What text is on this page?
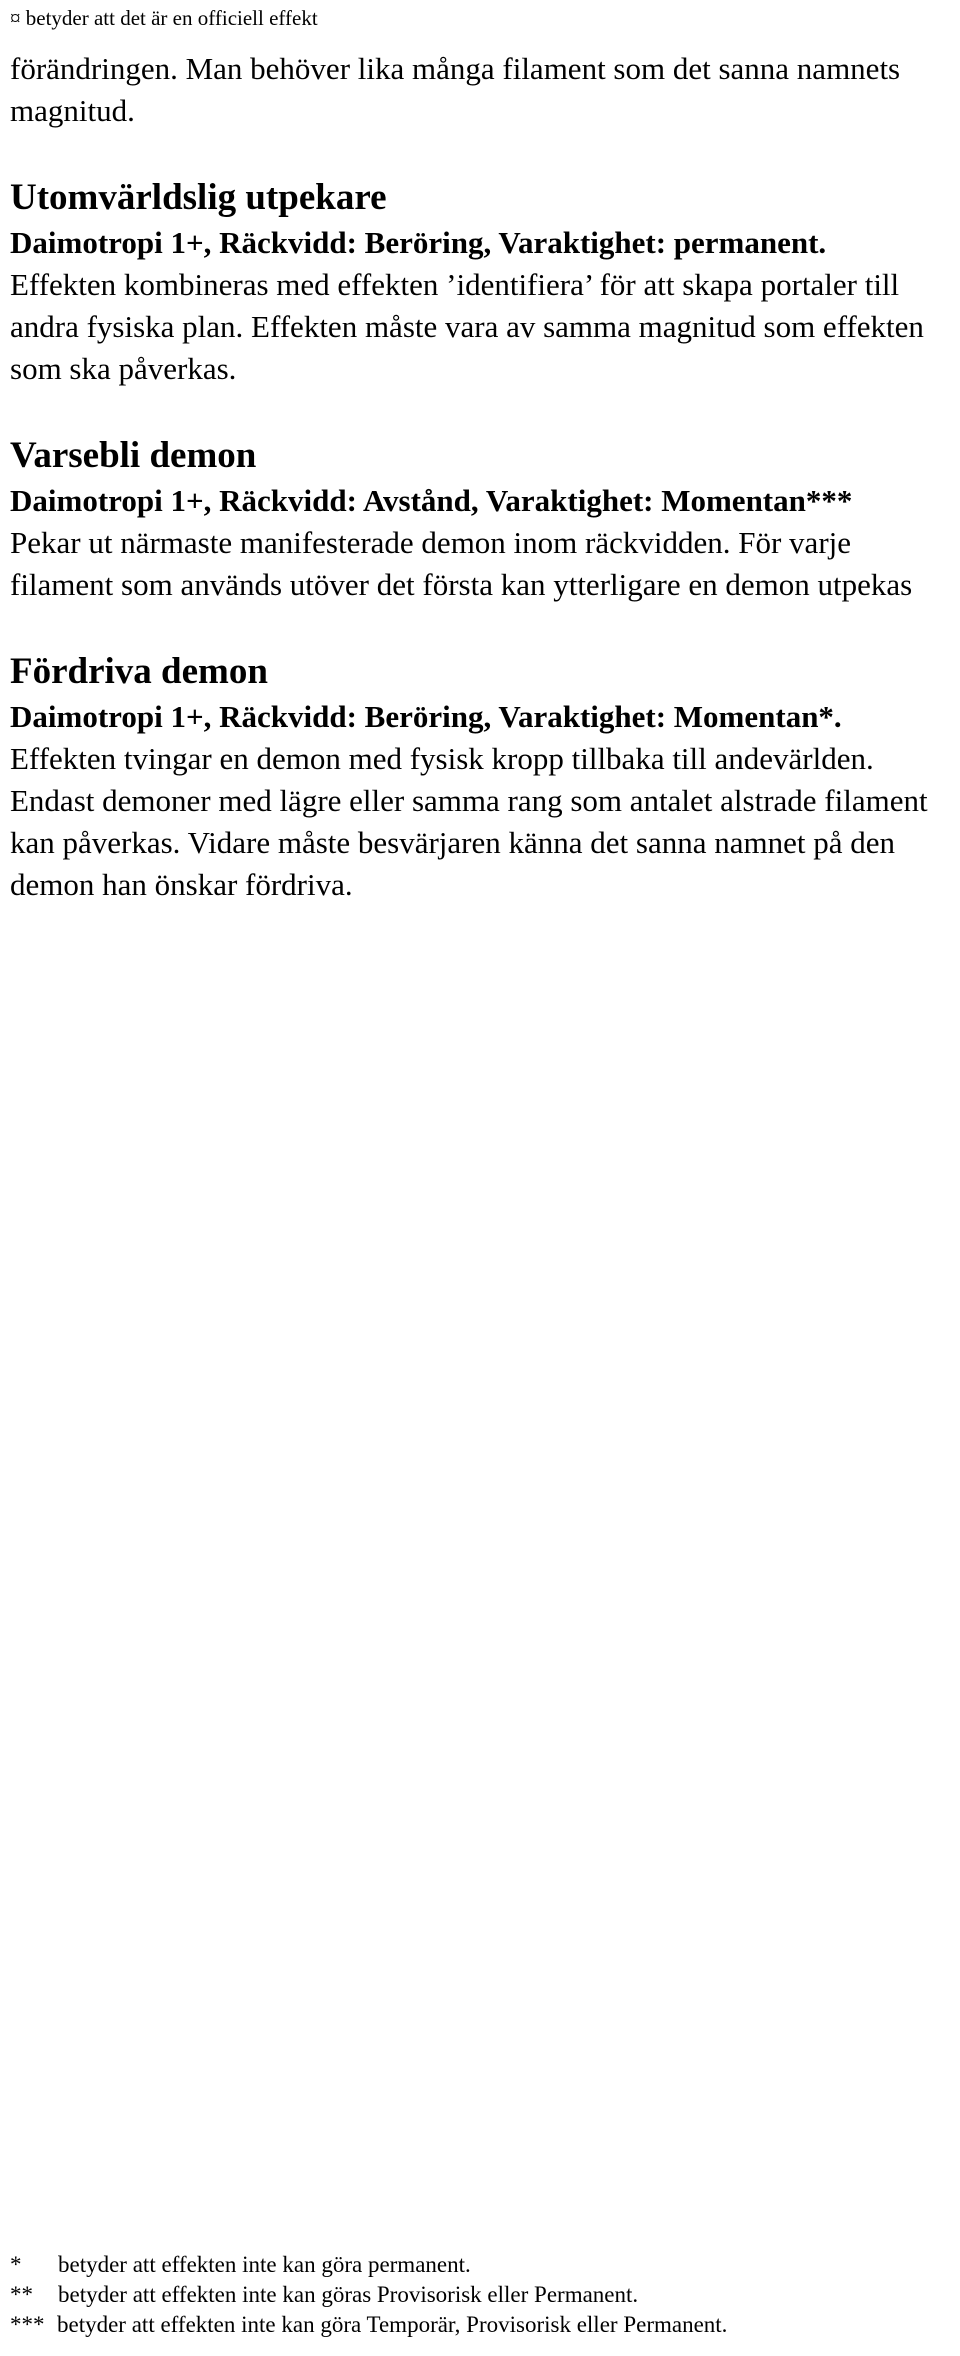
¤ betyder att det är en officiell effekt

förändringen. Man behöver lika många filament som det sanna namnets magnitud.

Utomvärldslig utpekare

Daimotropi 1+, Räckvidd: Beröring, Varaktighet: permanent.

Effekten kombineras med effekten ’identifiera’ för att skapa portaler till andra fysiska plan. Effekten måste vara av samma magnitud som effekten som ska påverkas.

Varsebli demon

Daimotropi 1+, Räckvidd: Avstånd, Varaktighet: Momentan***

Pekar ut närmaste manifesterade demon inom räckvidden. För varje filament som används utöver det första kan ytterligare en demon utpekas

Fördriva demon

Daimotropi 1+, Räckvidd: Beröring, Varaktighet: Momentan*.

Effekten tvingar en demon med fysisk kropp tillbaka till andevärlden. Endast demoner med lägre eller samma rang som antalet alstrade filament kan påverkas. Vidare måste besvärjaren känna det sanna namnet på den demon han önskar fördriva.

*	betyder att effekten inte kan göra permanent.
**	betyder att effekten inte kan göras Provisorisk eller Permanent.
*** betyder att effekten inte kan göra Temporär, Provisorisk eller Permanent.
